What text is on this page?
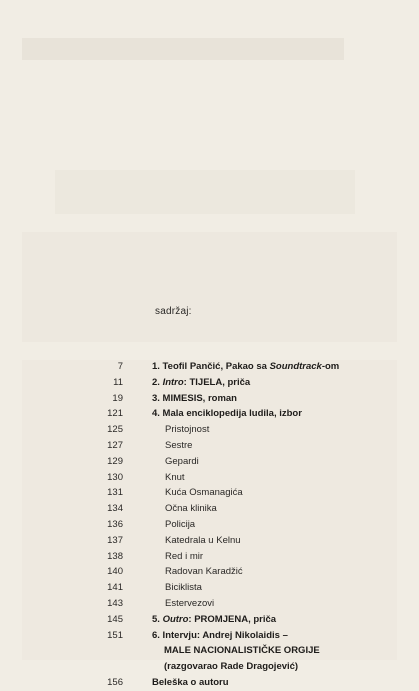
sadržaj:
7	1. Teofil Pančić, Pakao sa Soundtrack-om
11	2. Intro: TIJELA, priča
19	3. MIMESIS, roman
121	4. Mala enciklopedija ludila, izbor
125	Pristojnost
127	Sestre
129	Gepardi
130	Knut
131	Kuća Osmanagića
134	Očna klinika
136	Policija
137	Katedrala u Kelnu
138	Red i mir
140	Radovan Karadžić
141	Biciklista
143	Estervezovi
145	5. Outro: PROMJENA, priča
151	6. Intervju: Andrej Nikolaidis –
MALE NACIONALISTIČKE ORGIJE
(razgovarao Rade Dragojević)
156	Beleška o autoru
